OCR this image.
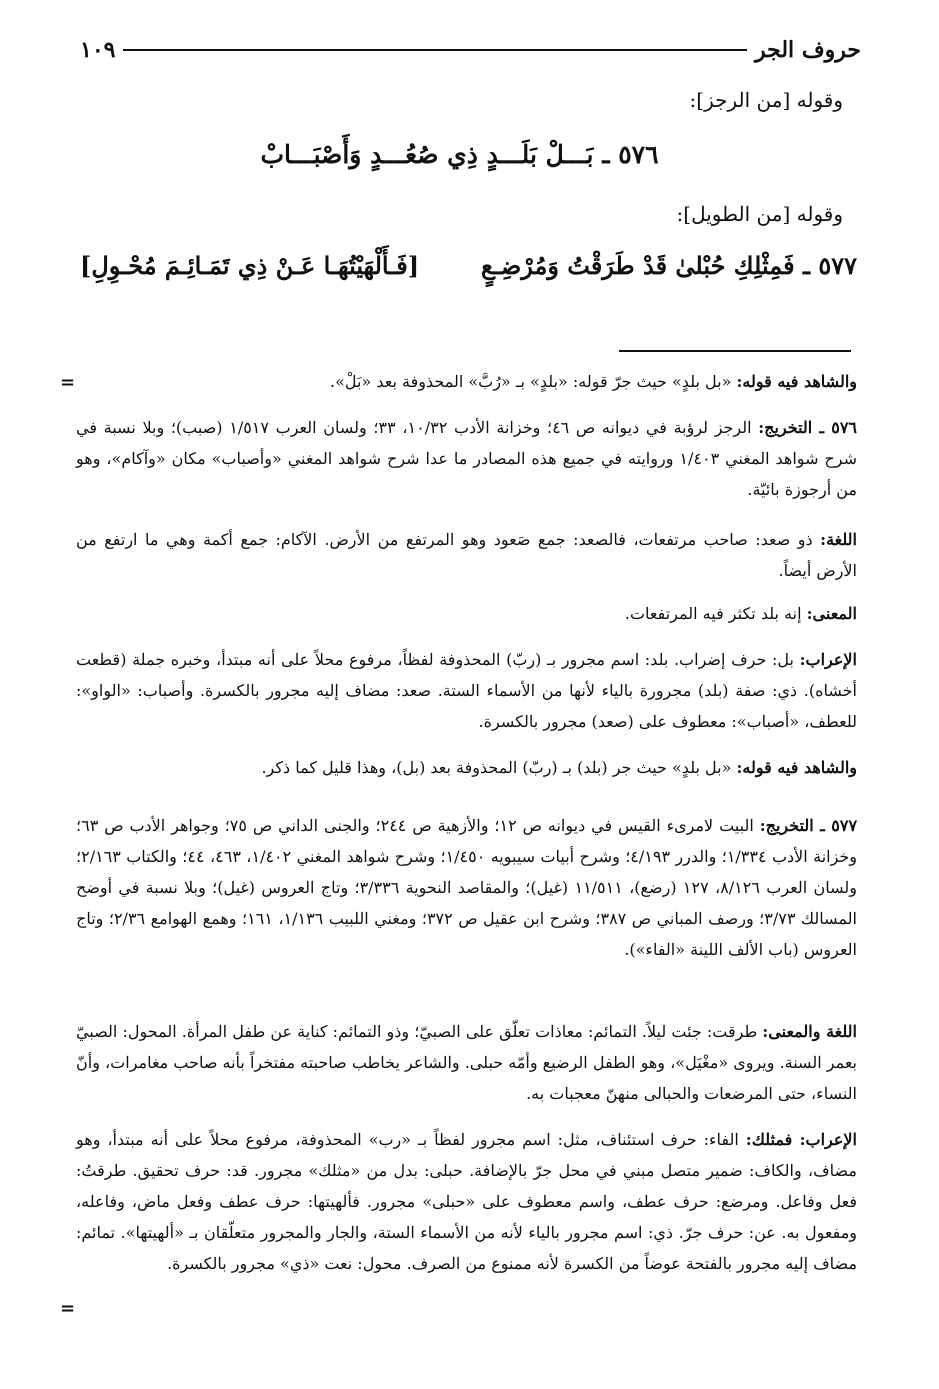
حروف الجر
١٠٩
وقوله [من الرجز]:
٥٧٦ ـ بَـــلْ بَلَـــدٍ ذِي صُعُـــدٍ وَأَصْبَـــابْ
وقوله [من الطويل]:
٥٧٧ ـ فَمِثْلِكِ حُبْلىٰ قَدْ طَرَقْتُ وَمُرْضِـعٍ
[فَـأَلْهَيْتُهَـا عَـنْ ذِي تَمَـائِـمَ مُحْـوِلِ]
=	والشاهد فيه قوله: «بل بلدٍ» حيث جرّ قوله: «بلدٍ» بـ «رُبَّ» المحذوفة بعد «بَلْ».
٥٧٦ ـ التخريج: الرجز لرؤبة في ديوانه ص ٤٦؛ وخزانة الأدب ١٠/٣٢، ٣٣؛ ولسان العرب ١/٥١٧ (صبب)؛ وبلا نسبة في شرح شواهد المغني ١/٤٠٣ وروايته في جميع هذه المصادر ما عدا شرح شواهد المغني «وأصباب» مكان «وآكام»، وهو من أرجوزة بائيّة.
اللغة: ذو صعد: صاحب مرتفعات، فالصعد: جمع صَعود وهو المرتفع من الأرض. الآكام: جمع أكمة وهي ما ارتفع من الأرض أيضاً.
المعنى: إنه بلد تكثر فيه المرتفعات.
الإعراب: بل: حرف إضراب. بلد: اسم مجرور بـ (ربّ) المحذوفة لفظاً، مرفوع محلاً على أنه مبتدأ، وخبره جملة (قطعت أخشاه). ذي: صفة (بلد) مجرورة بالياء لأنها من الأسماء الستة. صعد: مضاف إليه مجرور بالكسرة. وأصباب: «الواو»: للعطف، «أصباب»: معطوف على (صعد) مجرور بالكسرة.
والشاهد فيه قوله: «بل بلدٍ» حيث جر (بلد) بـ (ربّ) المحذوفة بعد (بل)، وهذا قليل كما ذكر.
٥٧٧ ـ التخريج: البيت لامرىء القيس في ديوانه ص ١٢؛ والأزهية ص ٢٤٤؛ والجنى الداني ص ٧٥؛ وجواهر الأدب ص ٦٣؛ وخزانة الأدب ١/٣٣٤؛ والدرر ٤/١٩٣؛ وشرح أبيات سيبويه ١/٤٥٠؛ وشرح شواهد المغني ١/٤٠٢، ٤٦٣، ٤٤؛ والكتاب ٢/١٦٣؛ ولسان العرب ٨/١٢٦، ١٢٧ (رضع)، ١١/٥١١ (غيل)؛ والمقاصد النحوية ٣/٣٣٦؛ وتاج العروس (غيل)؛ وبلا نسبة في أوضح المسالك ٣/٧٣؛ ورصف المباني ص ٣٨٧؛ وشرح ابن عقيل ص ٣٧٢؛ ومغني اللبيب ١/١٣٦، ١٦١؛ وهمع الهوامع ٢/٣٦؛ وتاج العروس (باب الألف اللينة «الفاء»).
اللغة والمعنى: طرقت: جئت ليلاً. التمائم: معاذات تعلّق على الصبيّ؛ وذو التمائم: كناية عن طفل المرأة. المحول: الصبيّ بعمر السنة. ويروى «مغْيَل»، وهو الطفل الرضيع وأمّه حبلى. والشاعر يخاطب صاحبته مفتخراً بأنه صاحب مغامرات، وأنّ النساء، حتى المرضعات والحبالى منهنّ معجبات به.
الإعراب: فمثلك: الفاء: حرف استئناف، مثل: اسم مجرور لفظاً بـ «رب» المحذوفة، مرفوع محلاً على أنه مبتدأ، وهو مضاف، والكاف: ضمير متصل مبني في محل جرّ بالإضافة. حبلى: بدل من «مثلك» مجرور. قد: حرف تحقيق. طرقتُ: فعل وفاعل. ومرضع: حرف عطف، واسم معطوف على «حبلى» مجرور. فألهيتها: حرف عطف وفعل ماض، وفاعله، ومفعول به. عن: حرف جرّ. ذي: اسم مجرور بالياء لأنه من الأسماء الستة، والجار والمجرور متعلّقان بـ «ألهيتها». تمائم: مضاف إليه مجرور بالفتحة عوضاً من الكسرة لأنه ممنوع من الصرف. محول: نعت «ذي» مجرور بالكسرة.
=
